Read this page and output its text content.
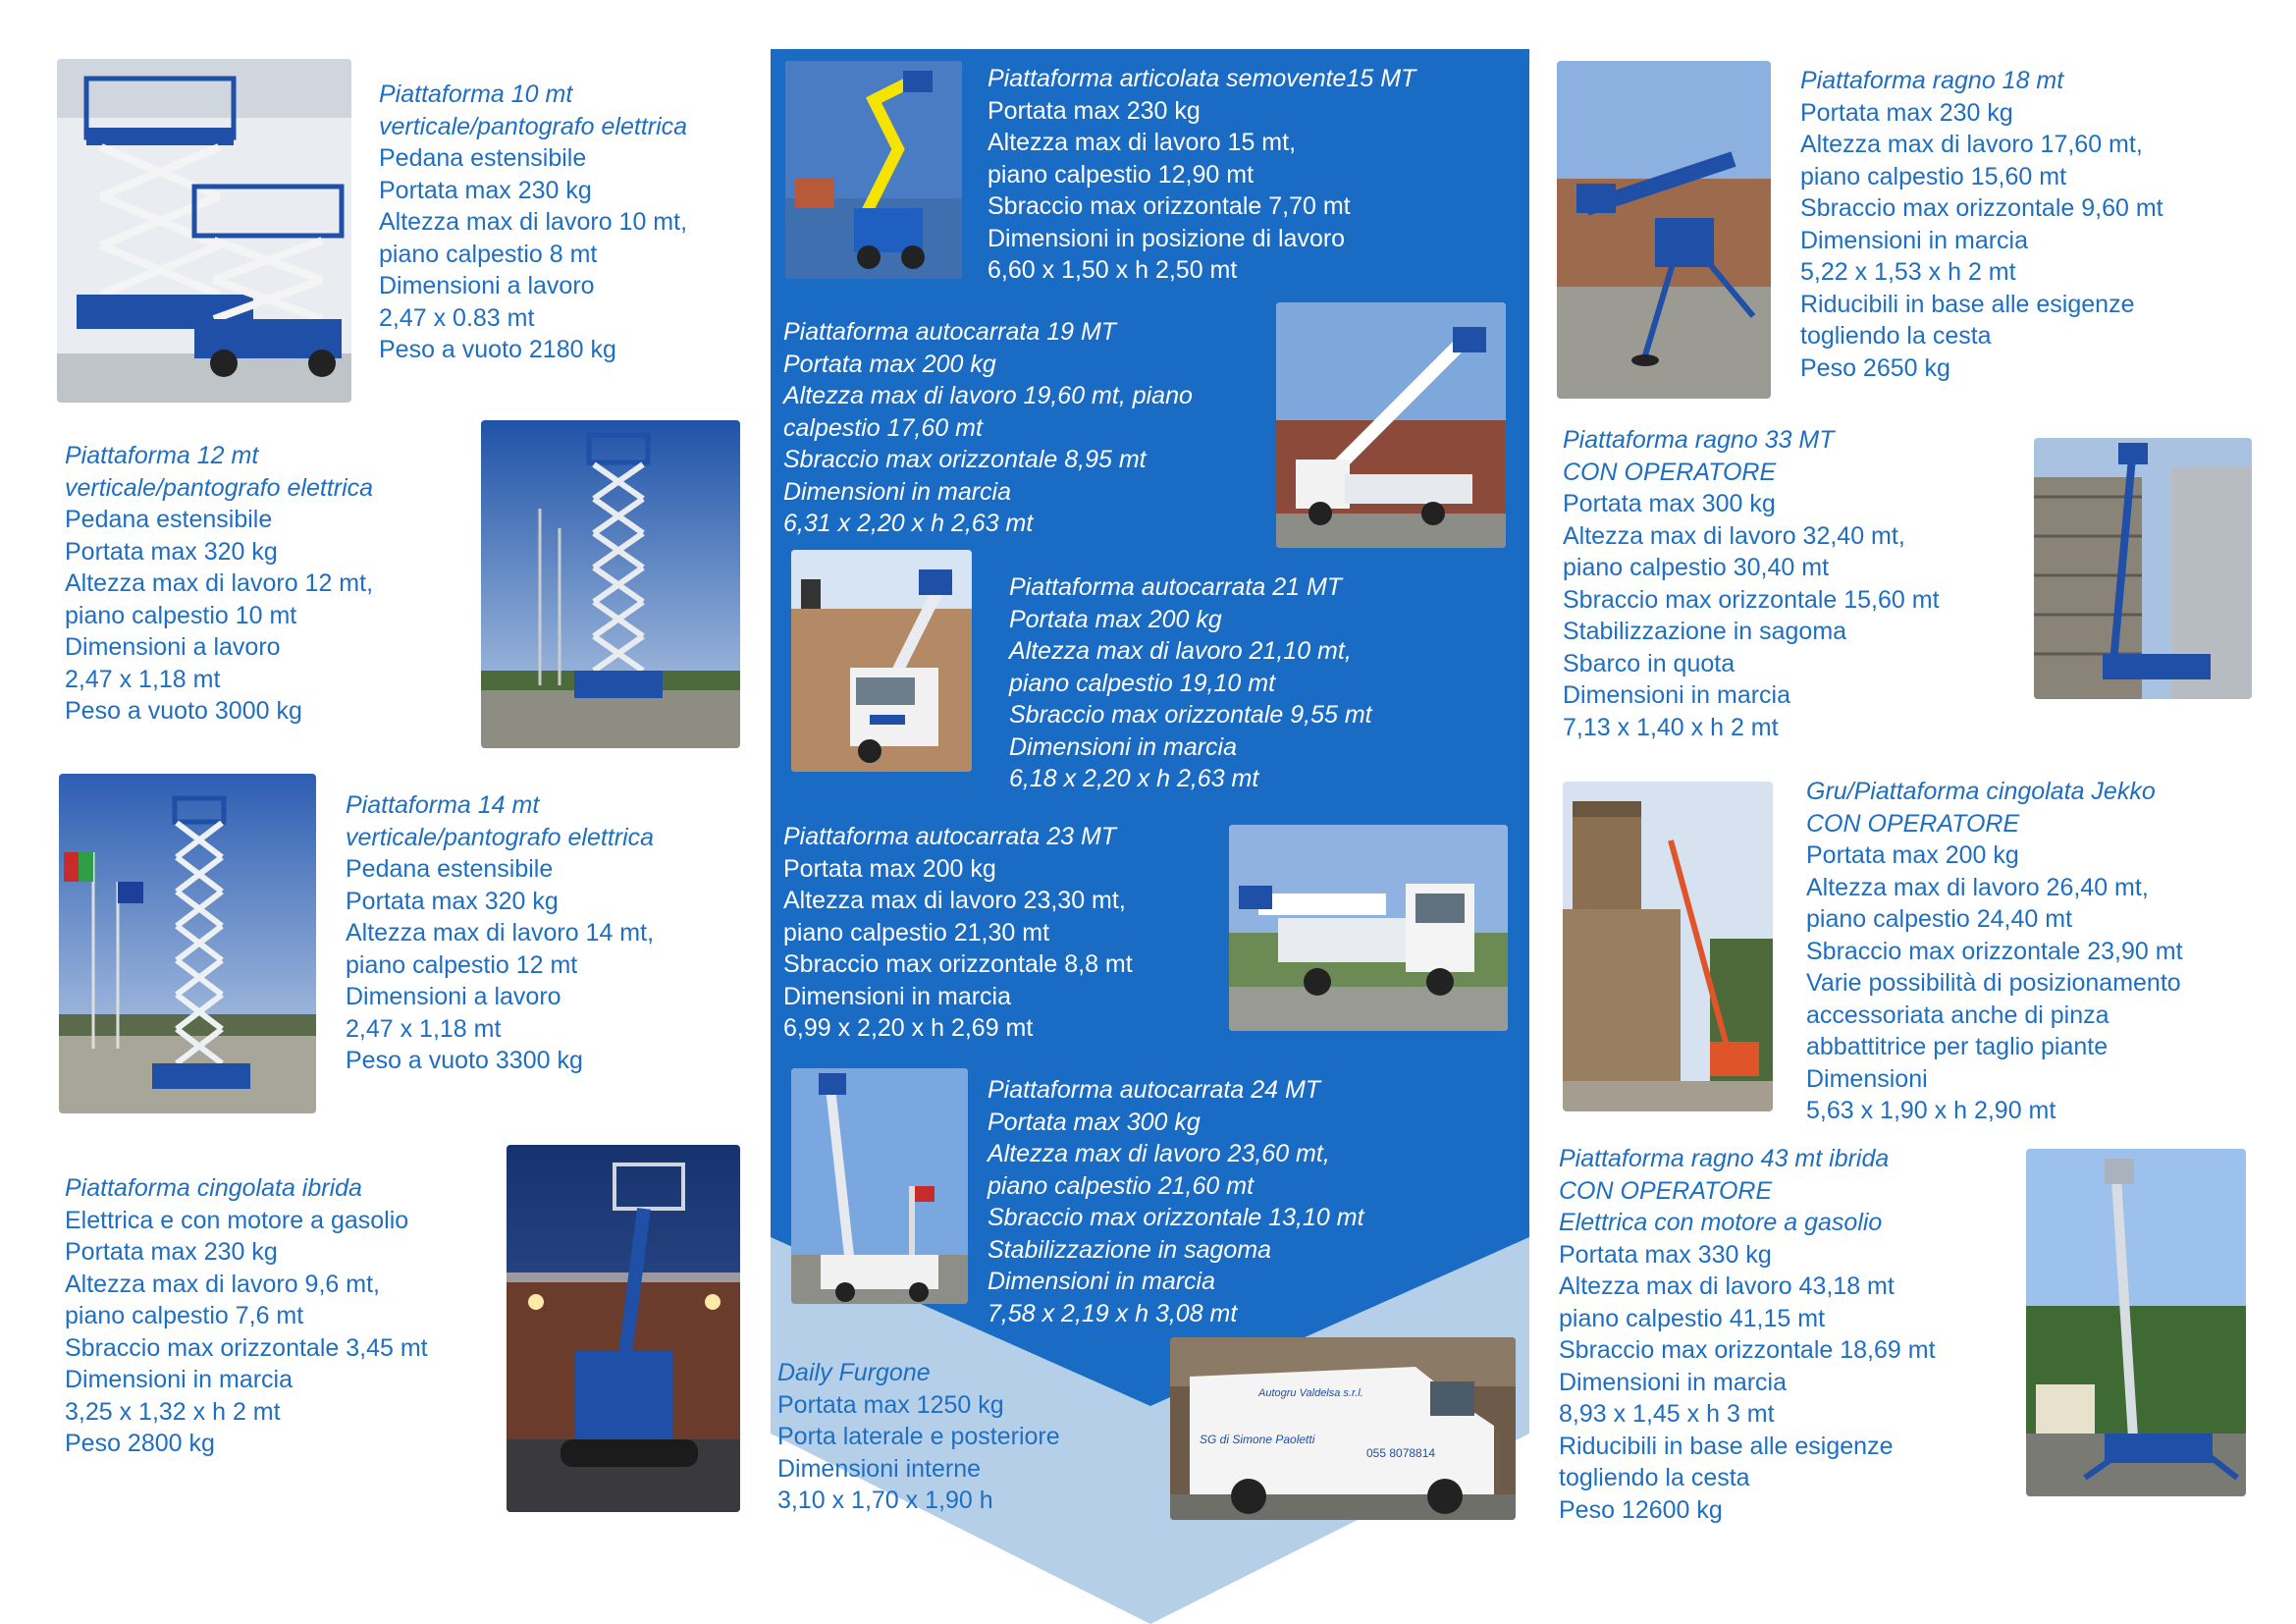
Piattaforma 10 mt
verticale/pantografo elettrica
Pedana estensibile
Portata max 230 kg
Altezza max di lavoro 10 mt,
piano calpestio 8 mt
Dimensioni a lavoro
2,47 x 0.83 mt
Peso a vuoto 2180 kg
Piattaforma 12 mt
verticale/pantografo elettrica
Pedana estensibile
Portata max 320 kg
Altezza max di lavoro 12 mt,
piano calpestio 10 mt
Dimensioni a lavoro
2,47 x 1,18 mt
Peso a vuoto 3000 kg
Piattaforma 14 mt
verticale/pantografo elettrica
Pedana estensibile
Portata max 320 kg
Altezza max di lavoro 14 mt,
piano calpestio 12 mt
Dimensioni a lavoro
2,47 x 1,18 mt
Peso a vuoto 3300 kg
Piattaforma cingolata ibrida
Elettrica e con motore a gasolio
Portata max 230 kg
Altezza max di lavoro 9,6 mt,
piano calpestio 7,6 mt
Sbraccio max orizzontale 3,45 mt
Dimensioni in marcia
3,25 x 1,32 x h 2 mt
Peso 2800 kg
Piattaforma articolata semovente15 MT
Portata max 230 kg
Altezza max di lavoro 15 mt,
piano calpestio 12,90 mt
Sbraccio max orizzontale 7,70 mt
Dimensioni in posizione di lavoro
6,60 x 1,50 x h 2,50 mt
Piattaforma autocarrata 19 MT
Portata max 200 kg
Altezza max di lavoro 19,60 mt, piano
calpestio 17,60 mt
Sbraccio max orizzontale 8,95 mt
Dimensioni in marcia
6,31 x 2,20 x h 2,63 mt
Piattaforma autocarrata 21 MT
Portata max 200 kg
Altezza max di lavoro 21,10 mt,
piano calpestio 19,10 mt
Sbraccio max orizzontale 9,55 mt
Dimensioni in marcia
6,18 x 2,20 x h 2,63 mt
Piattaforma autocarrata 23 MT
Portata max 200 kg
Altezza max di lavoro 23,30 mt,
piano calpestio 21,30 mt
Sbraccio max orizzontale 8,8 mt
Dimensioni in marcia
6,99 x 2,20 x h 2,69 mt
Piattaforma autocarrata 24 MT
Portata max 300 kg
Altezza max di lavoro 23,60 mt,
piano calpestio 21,60 mt
Sbraccio max orizzontale 13,10 mt
Stabilizzazione in sagoma
Dimensioni in marcia
7,58 x 2,19 x h 3,08 mt
Daily Furgone
Portata max 1250 kg
Porta laterale e posteriore
Dimensioni interne
3,10 x 1,70 x 1,90 h
Autogru Valdelsa s.r.l.
SG di Simone Paoletti
055 8078814
Piattaforma ragno 18 mt
Portata max 230 kg
Altezza max di lavoro 17,60 mt,
piano calpestio 15,60 mt
Sbraccio max orizzontale 9,60 mt
Dimensioni in marcia
5,22 x 1,53 x h 2 mt
Riducibili in base alle esigenze
togliendo la cesta
Peso 2650 kg
Piattaforma ragno 33 MT
CON OPERATORE
Portata max 300 kg
Altezza max di lavoro 32,40 mt,
piano calpestio 30,40 mt
Sbraccio max orizzontale 15,60 mt
Stabilizzazione in sagoma
Sbarco in quota
Dimensioni in marcia
7,13 x 1,40 x h 2 mt
Gru/Piattaforma cingolata Jekko
CON OPERATORE
Portata max 200 kg
Altezza max di lavoro 26,40 mt,
piano calpestio 24,40 mt
Sbraccio max orizzontale 23,90 mt
Varie possibilità di posizionamento
accessoriata anche di pinza
abbattitrice per taglio piante
Dimensioni
5,63 x 1,90 x h 2,90 mt
Piattaforma ragno 43 mt ibrida
CON OPERATORE
Elettrica con motore a gasolio
Portata max 330 kg
Altezza max di lavoro 43,18 mt
piano calpestio 41,15 mt
Sbraccio max orizzontale 18,69 mt
Dimensioni in marcia
8,93 x 1,45 x h 3 mt
Riducibili in base alle esigenze
togliendo la cesta
Peso 12600 kg
